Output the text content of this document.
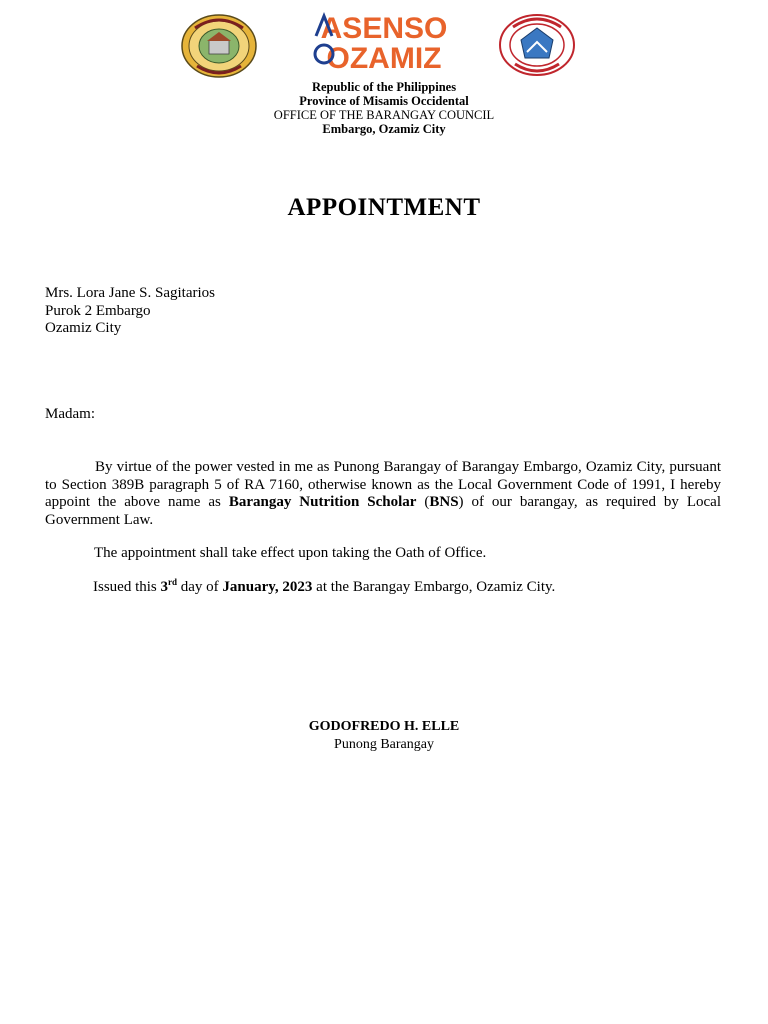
ASENSO
OZAMIZ
Republic of the Philippines
Province of Misamis Occidental
OFFICE OF THE BARANGAY COUNCIL
Embargo, Ozamiz City
APPOINTMENT
Mrs. Lora Jane S. Sagitarios
Purok 2 Embargo
Ozamiz City
Madam:
By virtue of the power vested in me as Punong Barangay of Barangay Embargo, Ozamiz City, pursuant to Section 389B paragraph 5 of RA 7160, otherwise known as the Local Government Code of 1991, I hereby appoint the above name as Barangay Nutrition Scholar (BNS) of our barangay, as required by Local Government Law.
The appointment shall take effect upon taking the Oath of Office.
Issued this 3rd day of January, 2023 at the Barangay Embargo, Ozamiz City.
GODOFREDO H. ELLE
Punong Barangay
